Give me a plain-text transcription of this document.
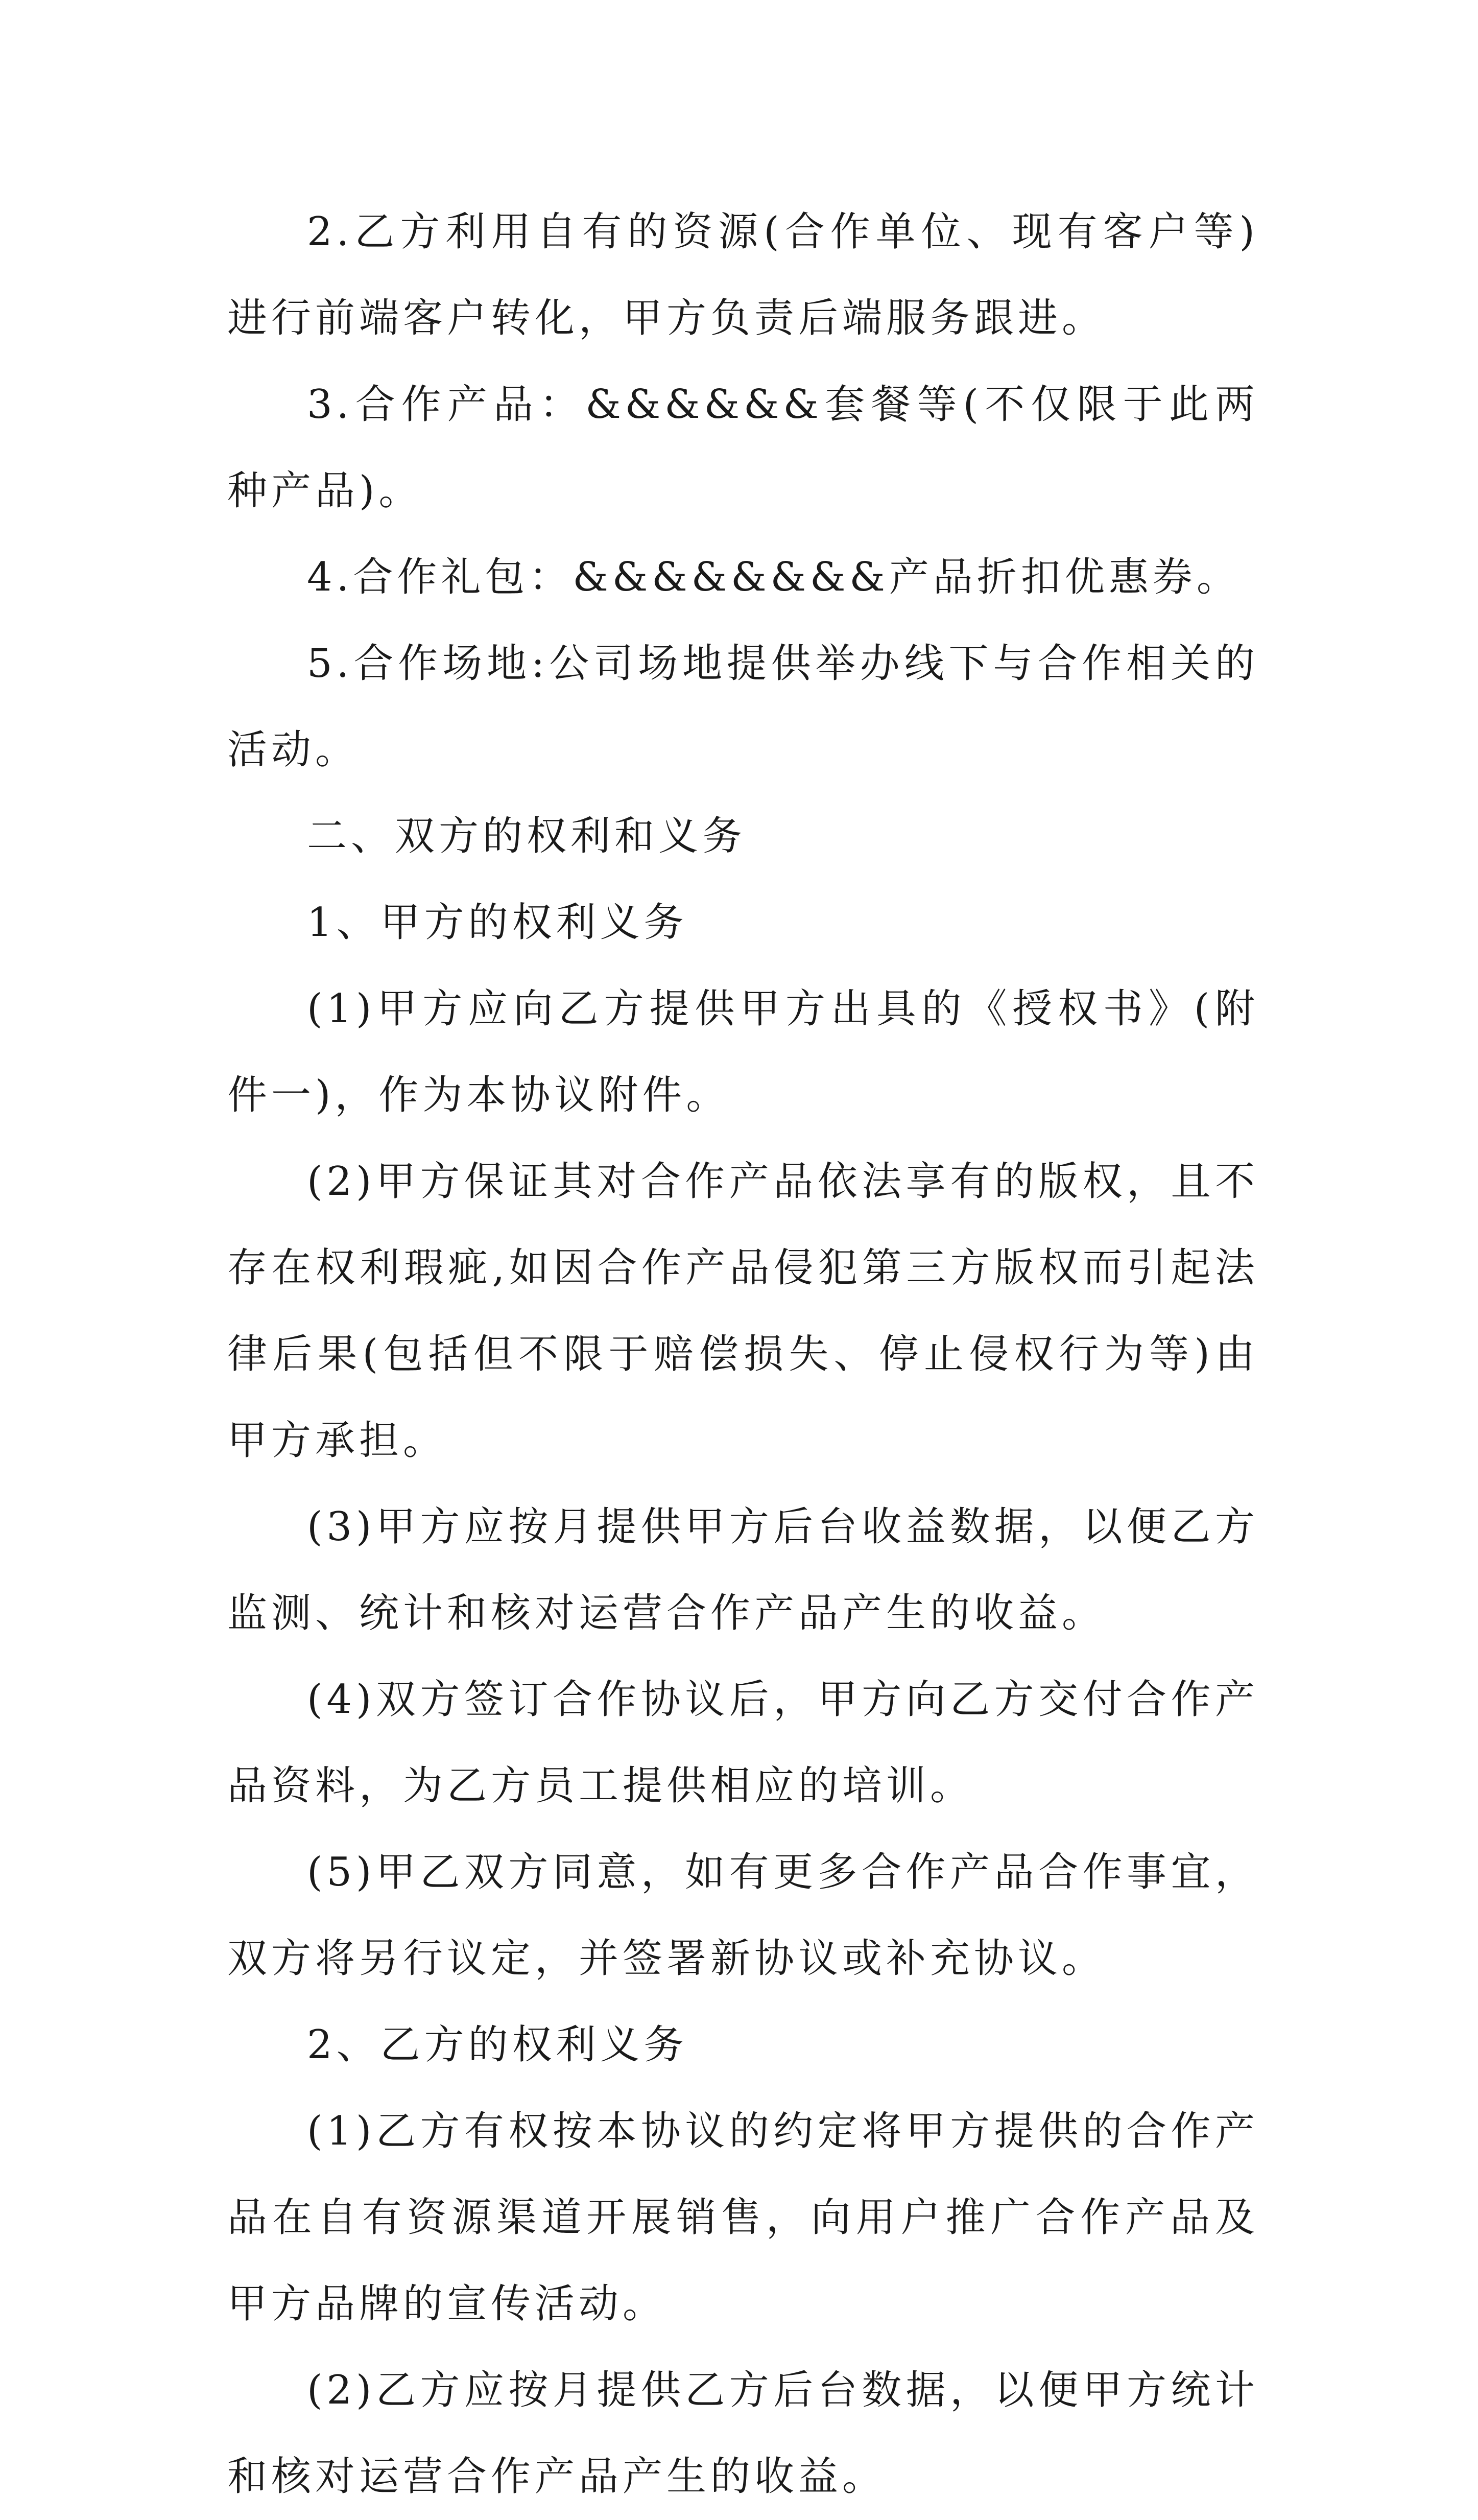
2.乙方利用自有的资源(合作单位、现有客户等)进行前端客户转化，甲方负责后端服务跟进。

3.合作产品：&&&&&&套餐等(不仅限于此两种产品)。

4.合作礼包：&&&&&&&&产品折扣优惠券。

5.合作场地:公司场地提供举办线下与合作相关的活动。

二、双方的权利和义务

1、甲方的权利义务

(1)甲方应向乙方提供甲方出具的《授权书》(附件一)，作为本协议附件。

(2)甲方保证其对合作产品依法享有的版权，且不存在权利瑕疵,如因合作产品侵犯第三方版权而引起法律后果(包括但不限于赔偿损失、停止侵权行为等)由甲方承担。

(3)甲方应按月提供甲方后台收益数据，以便乙方监测、统计和核对运营合作产品产生的收益。

(4)双方签订合作协议后，甲方向乙方交付合作产品资料，为乙方员工提供相应的培训。

(5)甲乙双方同意，如有更多合作产品合作事宜，双方将另行议定，并签署新协议或补充协议。

2、乙方的权利义务

(1)乙方有权按本协议的约定将甲方提供的合作产品在自有资源渠道开展销售，向用户推广合作产品及甲方品牌的宣传活动。

(2)乙方应按月提供乙方后台数据，以便甲方统计和核对运营合作产品产生的收益。
